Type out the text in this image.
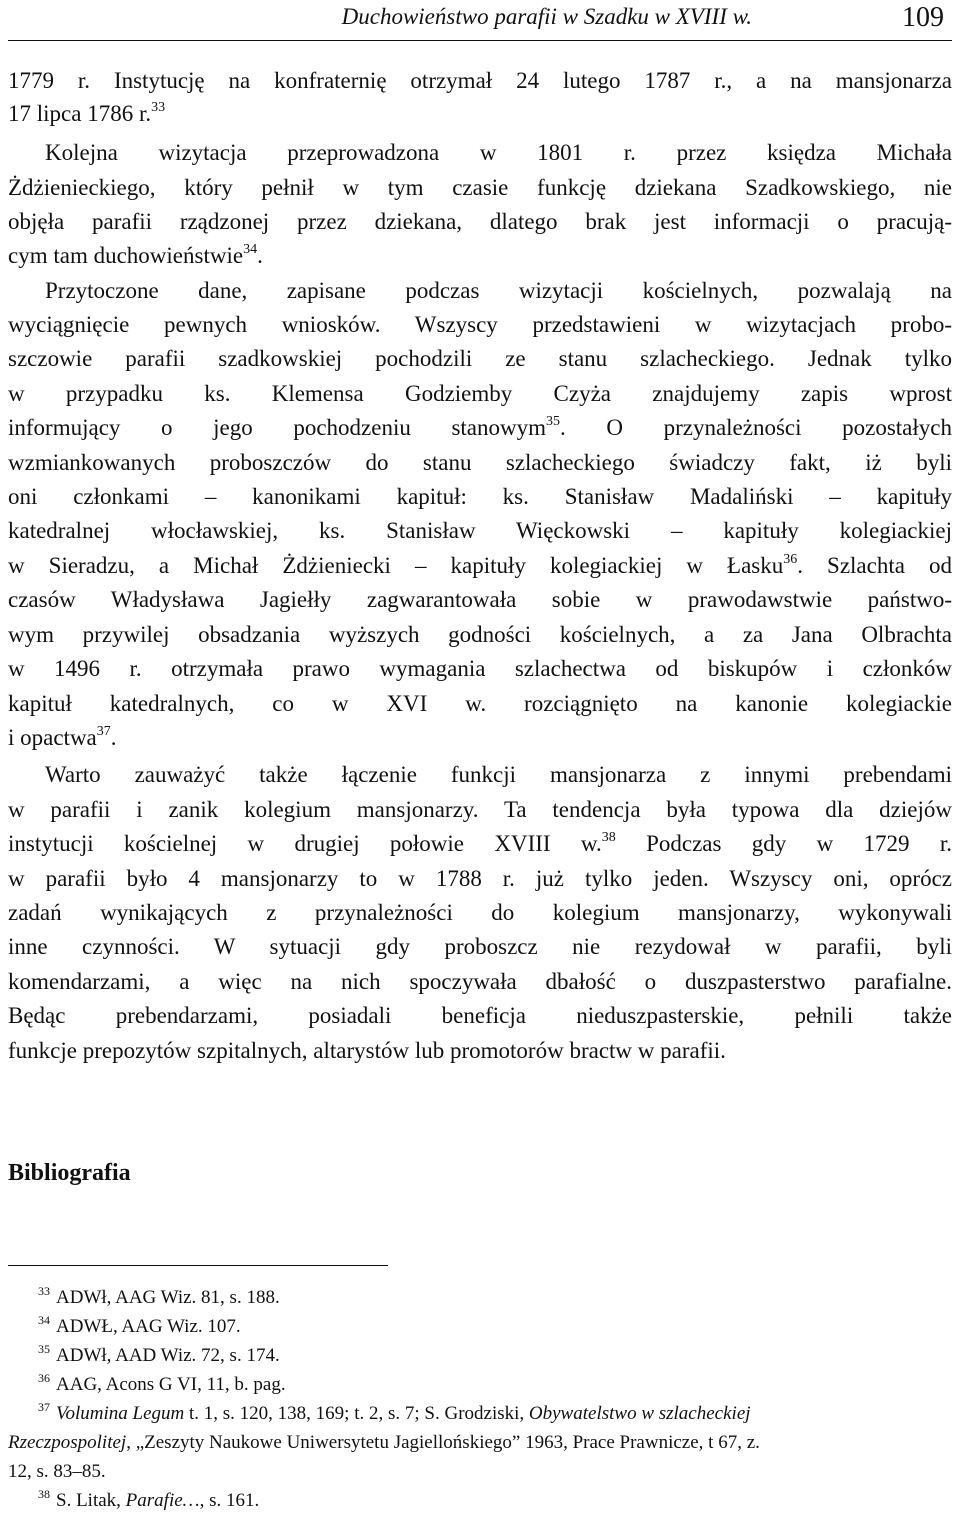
Duchowieństwo parafii w Szadku w XVIII w.	109
1779 r. Instytucję na konfraternię otrzymał 24 lutego 1787 r., a na mansjonarza
17 lipca 1786 r.$^{33}$
Kolejna wizytacja przeprowadzona w 1801 r. przez księdza Michała
Żdżienieckiego, który pełnił w tym czasie funkcję dziekana Szadkowskiego, nie
objęła parafii rządzonej przez dziekana, dlatego brak jest informacji o pracują-
cym tam duchowieństwie$^{34}$.
Przytoczone dane, zapisane podczas wizytacji kościelnych, pozwalają na
wyciągnięcie pewnych wniosków. Wszyscy przedstawieni w wizytacjach probo-
szczowie parafii szadkowskiej pochodzili ze stanu szlacheckiego. Jednak tylko
w przypadku ks. Klemensa Godziemby Czyża znajdujemy zapis wprost
informujący o jego pochodzeniu stanowym$^{35}$. O przynależności pozostałych
wzmiankowanych proboszczów do stanu szlacheckiego świadczy fakt, iż byli
oni członkami – kanonikami kapituł: ks. Stanisław Madaliński – kapituły
katedralnej włocławskiej, ks. Stanisław Więckowski – kapituły kolegiackiej
w Sieradzu, a Michał Żdżieniecki – kapituły kolegiackiej w Łasku$^{36}$. Szlachta od
czasów Władysława Jagiełły zagwarantowała sobie w prawodawstwie państwo-
wym przywilej obsadzania wyższych godności kościelnych, a za Jana Olbrachta
w 1496 r. otrzymała prawo wymagania szlachectwa od biskupów i członków
kapituł katedralnych, co w XVI w. rozciągnięto na kanonie kolegiackie
i opactwa$^{37}$.
Warto zauważyć także łączenie funkcji mansjonarza z innymi prebendami
w parafii i zanik kolegium mansjonarzy. Ta tendencja była typowa dla dziejów
instytucji kościelnej w drugiej połowie XVIII w.$^{38}$ Podczas gdy w 1729 r.
w parafii było 4 mansjonarzy to w 1788 r. już tylko jeden. Wszyscy oni, oprócz
zadań wynikających z przynależności do kolegium mansjonarzy, wykonywali
inne czynności. W sytuacji gdy proboszcz nie rezydował w parafii, byli
komendarzami, a więc na nich spoczywała dbałość o duszpasterstwo parafialne.
Będąc prebendarzami, posiadali beneficja nieduszpasterskie, pełnili także
funkcje prepozytów szpitalnych, altarystów lub promotorów bractw w parafii.
Bibliografia
$^{33}$ ADWł, AAG Wiz. 81, s. 188.
$^{34}$ ADWŁ, AAG Wiz. 107.
$^{35}$ ADWł, AAD Wiz. 72, s. 174.
$^{36}$ AAG, Acons G VI, 11, b. pag.
$^{37}$ Volumina Legum t. 1, s. 120, 138, 169; t. 2, s. 7; S. Grodziski, Obywatelstwo w szlacheckiej
Rzeczpospolitej, „Zeszyty Naukowe Uniwersytetu Jagiellońskiego” 1963, Prace Prawnicze, t 67, z.
12, s. 83–85.
$^{38}$ S. Litak, Parafie…, s. 161.
